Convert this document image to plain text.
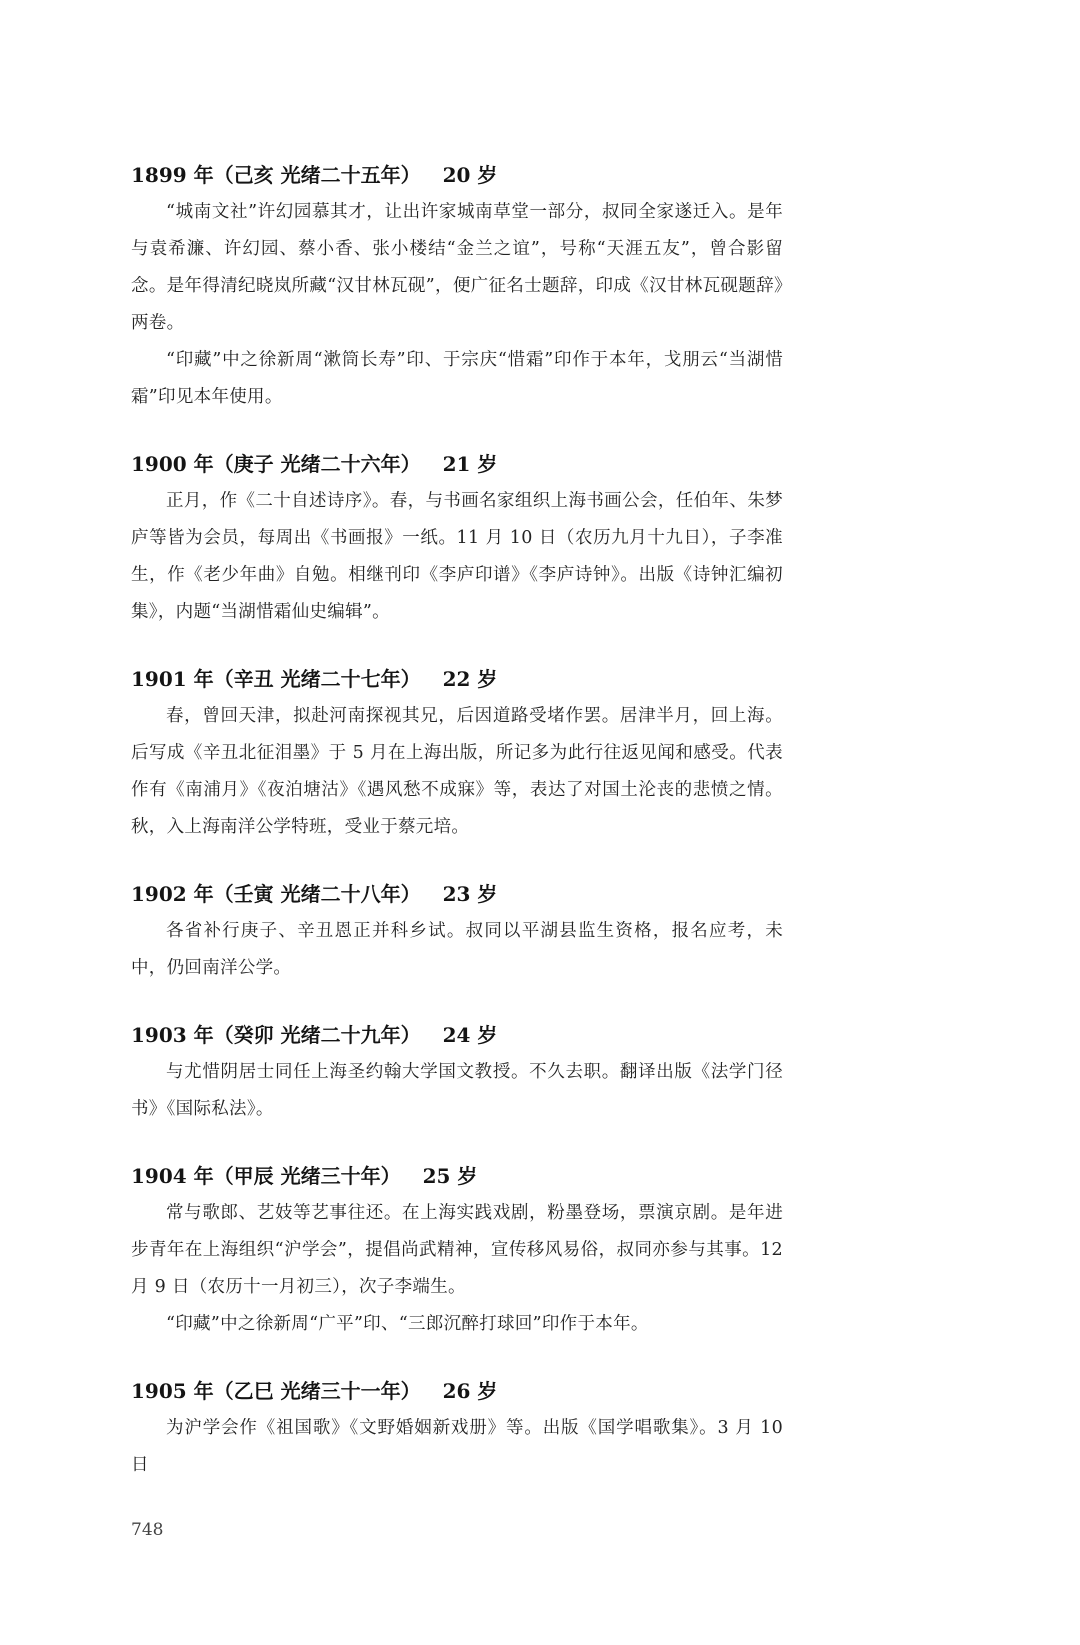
1899 年（己亥 光绪二十五年） 20 岁

“城南文社”许幻园慕其才，让出许家城南草堂一部分，叔同全家遂迁入。是年与袁希濂、许幻园、蔡小香、张小楼结“金兰之谊”，号称“天涯五友”，曾合影留念。是年得清纪晓岚所藏“汉甘林瓦砚”，便广征名士题辞，印成《汉甘林瓦砚题辞》两卷。

“印藏”中之徐新周“漱筒长寿”印、于宗庆“惜霜”印作于本年，戈朋云“当湖惜霜”印见本年使用。

1900 年（庚子 光绪二十六年） 21 岁

正月，作《二十自述诗序》。春，与书画名家组织上海书画公会，任伯年、朱梦庐等皆为会员，每周出《书画报》一纸。11 月 10 日（农历九月十九日），子李准生，作《老少年曲》自勉。相继刊印《李庐印谱》《李庐诗钟》。出版《诗钟汇编初集》，内题“当湖惜霜仙史编辑”。

1901 年（辛丑 光绪二十七年） 22 岁

春，曾回天津，拟赴河南探视其兄，后因道路受堵作罢。居津半月，回上海。后写成《辛丑北征泪墨》于 5 月在上海出版，所记多为此行往返见闻和感受。代表作有《南浦月》《夜泊塘沽》《遇风愁不成寐》等，表达了对国土沦丧的悲愤之情。秋，入上海南洋公学特班，受业于蔡元培。

1902 年（壬寅 光绪二十八年） 23 岁

各省补行庚子、辛丑恩正并科乡试。叔同以平湖县监生资格，报名应考，未中，仍回南洋公学。

1903 年（癸卯 光绪二十九年） 24 岁

与尤惜阴居士同任上海圣约翰大学国文教授。不久去职。翻译出版《法学门径书》《国际私法》。

1904 年（甲辰 光绪三十年） 25 岁

常与歌郎、艺妓等艺事往还。在上海实践戏剧，粉墨登场，票演京剧。是年进步青年在上海组织“沪学会”，提倡尚武精神，宣传移风易俗，叔同亦参与其事。12 月 9 日（农历十一月初三），次子李端生。

“印藏”中之徐新周“广平”印、“三郎沉醉打球回”印作于本年。

1905 年（乙巳 光绪三十一年） 26 岁

为沪学会作《祖国歌》《文野婚姻新戏册》等。出版《国学唱歌集》。3 月 10 日

748
